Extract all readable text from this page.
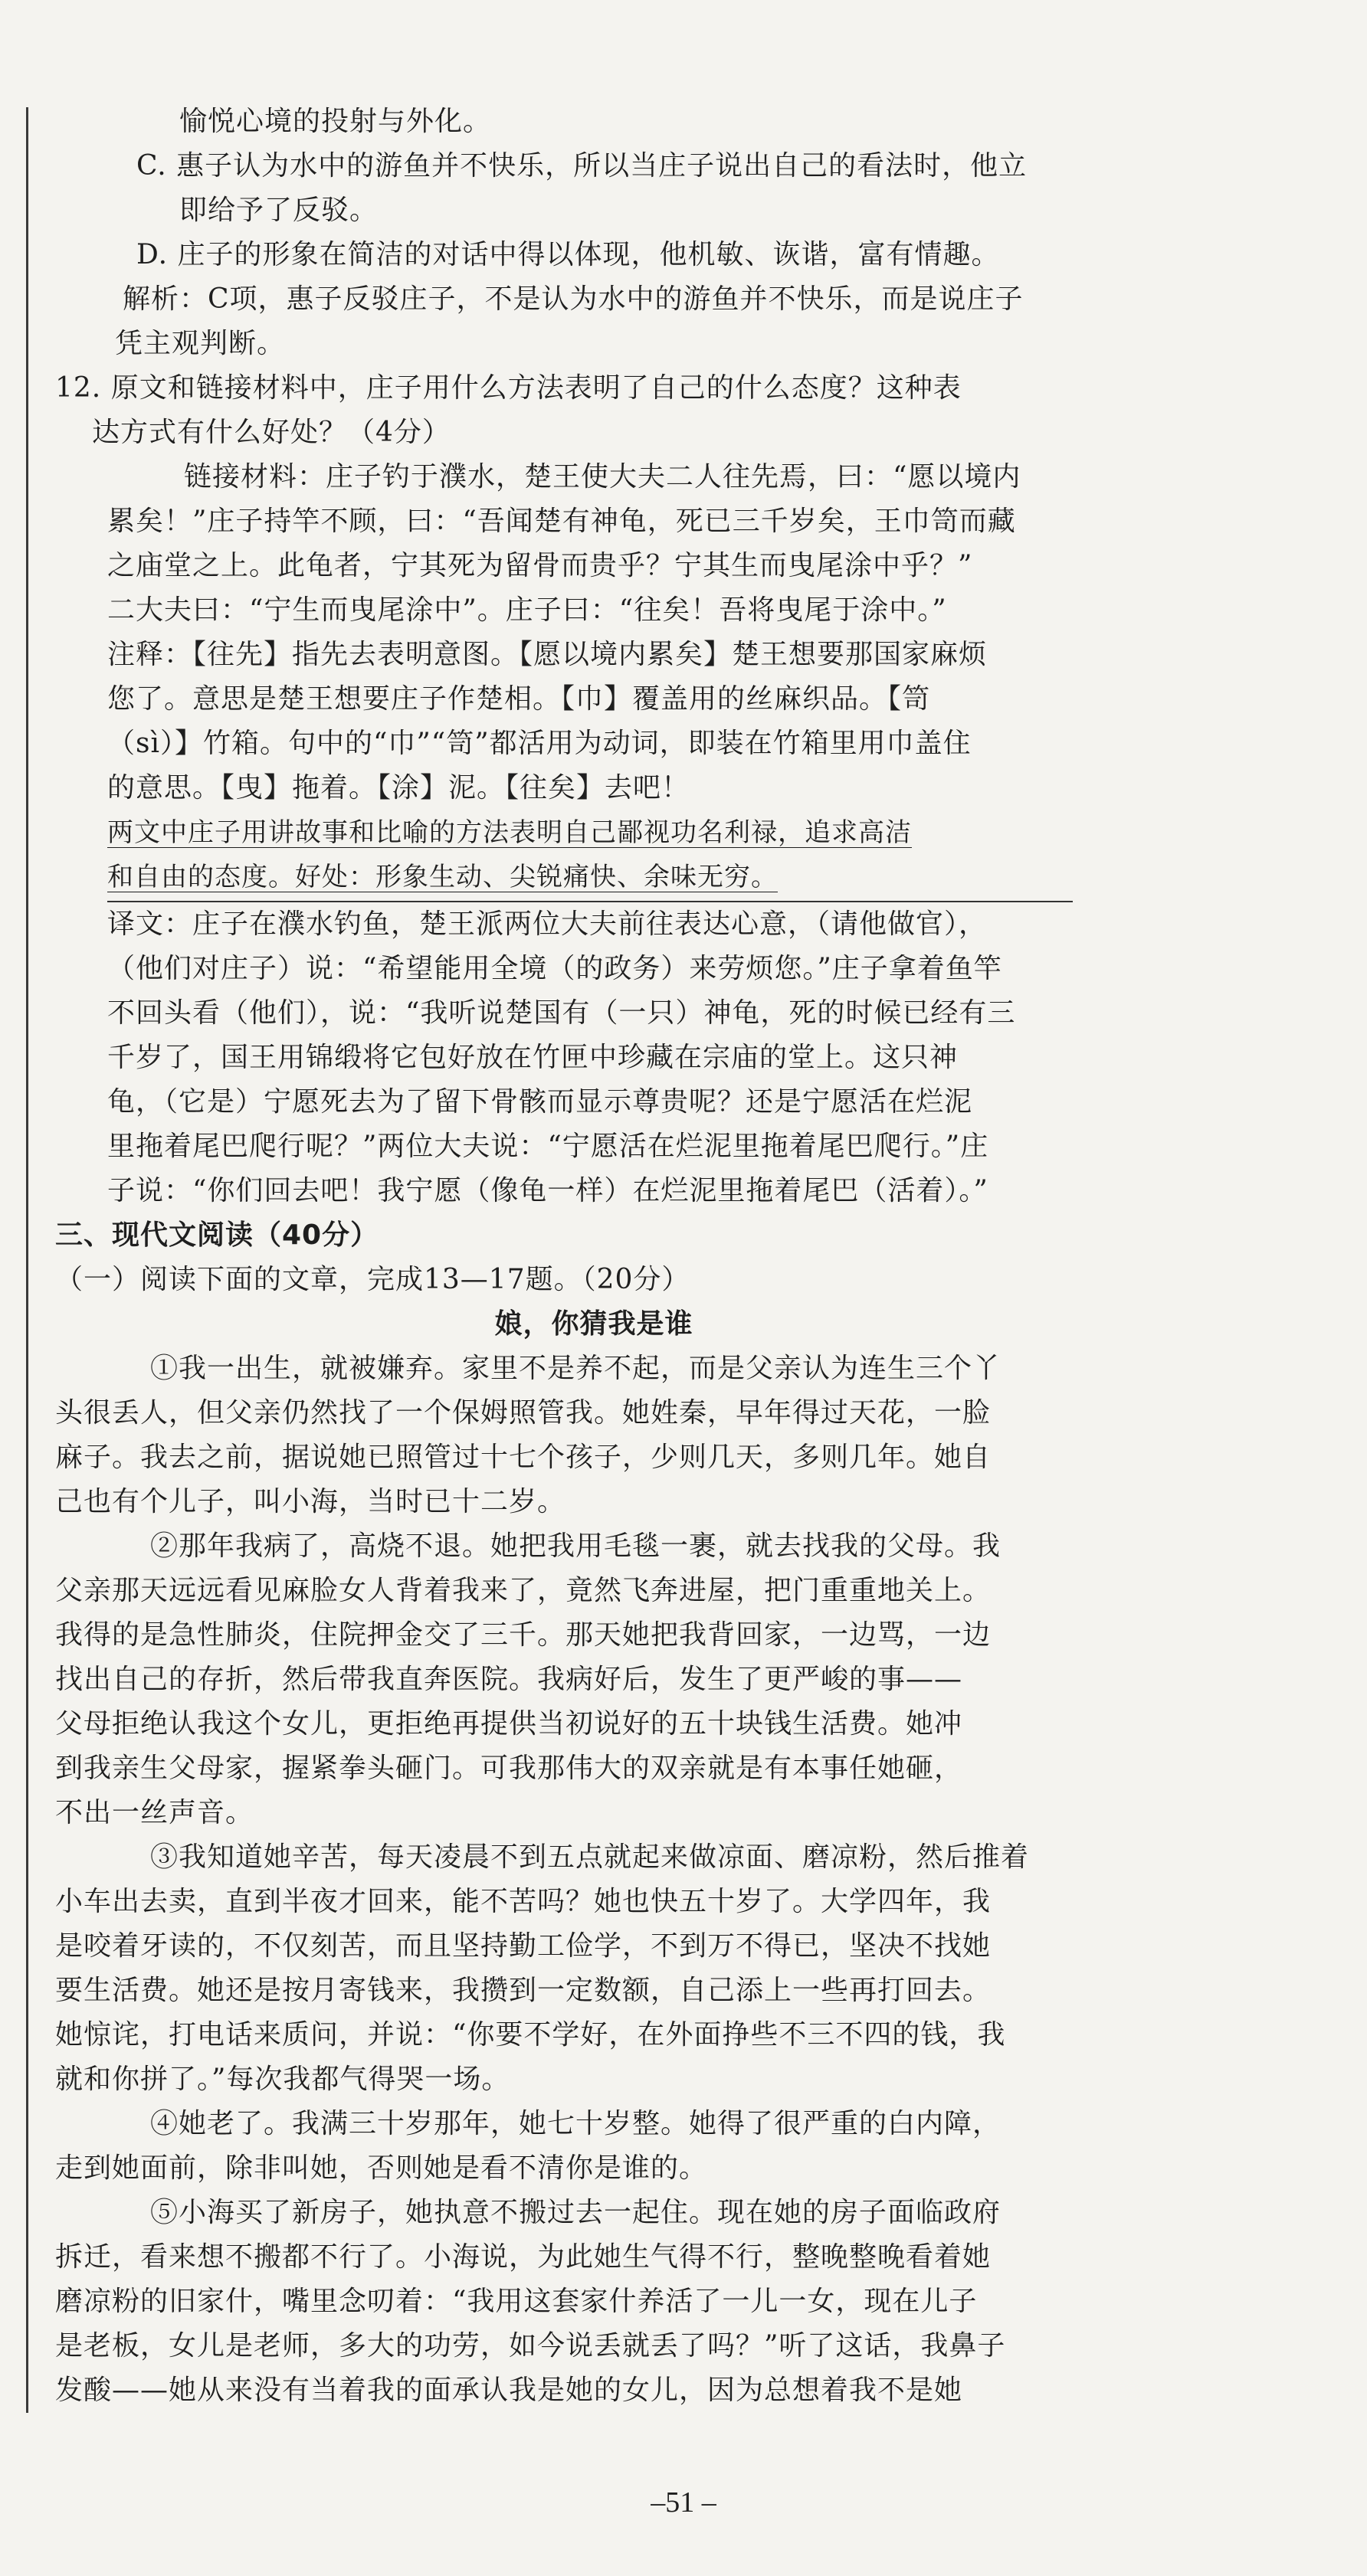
愉悦心境的投射与外化。
C. 惠子认为水中的游鱼并不快乐，所以当庄子说出自己的看法时，他立
即给予了反驳。
D. 庄子的形象在简洁的对话中得以体现，他机敏、诙谐，富有情趣。
解析：C项，惠子反驳庄子，不是认为水中的游鱼并不快乐，而是说庄子
凭主观判断。
12. 原文和链接材料中，庄子用什么方法表明了自己的什么态度？这种表
达方式有什么好处？（4分）
链接材料：庄子钓于濮水，楚王使大夫二人往先焉，曰：“愿以境内
累矣！”庄子持竿不顾，曰：“吾闻楚有神龟，死已三千岁矣，王巾笥而藏
之庙堂之上。此龟者，宁其死为留骨而贵乎？宁其生而曳尾涂中乎？”
二大夫曰：“宁生而曳尾涂中”。庄子曰：“往矣！吾将曳尾于涂中。”
注释：【往先】指先去表明意图。【愿以境内累矣】楚王想要那国家麻烦
您了。意思是楚王想要庄子作楚相。【巾】覆盖用的丝麻织品。【笥
（sì）】竹箱。句中的“巾”“笥”都活用为动词，即装在竹箱里用巾盖住
的意思。【曳】拖着。【涂】泥。【往矣】去吧！
两文中庄子用讲故事和比喻的方法表明自己鄙视功名利禄，追求高洁
和自由的态度。好处：形象生动、尖锐痛快、余味无穷。
译文：庄子在濮水钓鱼，楚王派两位大夫前往表达心意，（请他做官），
（他们对庄子）说：“希望能用全境（的政务）来劳烦您。”庄子拿着鱼竿
不回头看（他们），说：“我听说楚国有（一只）神龟，死的时候已经有三
千岁了，国王用锦缎将它包好放在竹匣中珍藏在宗庙的堂上。这只神
龟，（它是）宁愿死去为了留下骨骸而显示尊贵呢？还是宁愿活在烂泥
里拖着尾巴爬行呢？”两位大夫说：“宁愿活在烂泥里拖着尾巴爬行。”庄
子说：“你们回去吧！我宁愿（像龟一样）在烂泥里拖着尾巴（活着）。”
三、现代文阅读（40分）
（一）阅读下面的文章，完成13—17题。（20分）
娘，你猜我是谁
①我一出生，就被嫌弃。家里不是养不起，而是父亲认为连生三个丫
头很丢人，但父亲仍然找了一个保姆照管我。她姓秦，早年得过天花，一脸
麻子。我去之前，据说她已照管过十七个孩子，少则几天，多则几年。她自
己也有个儿子，叫小海，当时已十二岁。
②那年我病了，高烧不退。她把我用毛毯一裹，就去找我的父母。我
父亲那天远远看见麻脸女人背着我来了，竟然飞奔进屋，把门重重地关上。
我得的是急性肺炎，住院押金交了三千。那天她把我背回家，一边骂，一边
找出自己的存折，然后带我直奔医院。我病好后，发生了更严峻的事——
父母拒绝认我这个女儿，更拒绝再提供当初说好的五十块钱生活费。她冲
到我亲生父母家，握紧拳头砸门。可我那伟大的双亲就是有本事任她砸，
不出一丝声音。
③我知道她辛苦，每天凌晨不到五点就起来做凉面、磨凉粉，然后推着
小车出去卖，直到半夜才回来，能不苦吗？她也快五十岁了。大学四年，我
是咬着牙读的，不仅刻苦，而且坚持勤工俭学，不到万不得已，坚决不找她
要生活费。她还是按月寄钱来，我攒到一定数额，自己添上一些再打回去。
她惊诧，打电话来质问，并说：“你要不学好，在外面挣些不三不四的钱，我
就和你拼了。”每次我都气得哭一场。
④她老了。我满三十岁那年，她七十岁整。她得了很严重的白内障，
走到她面前，除非叫她，否则她是看不清你是谁的。
⑤小海买了新房子，她执意不搬过去一起住。现在她的房子面临政府
拆迁，看来想不搬都不行了。小海说，为此她生气得不行，整晚整晚看着她
磨凉粉的旧家什，嘴里念叨着：“我用这套家什养活了一儿一女，现在儿子
是老板，女儿是老师，多大的功劳，如今说丢就丢了吗？”听了这话，我鼻子
发酸——她从来没有当着我的面承认我是她的女儿，因为总想着我不是她
–51 –
